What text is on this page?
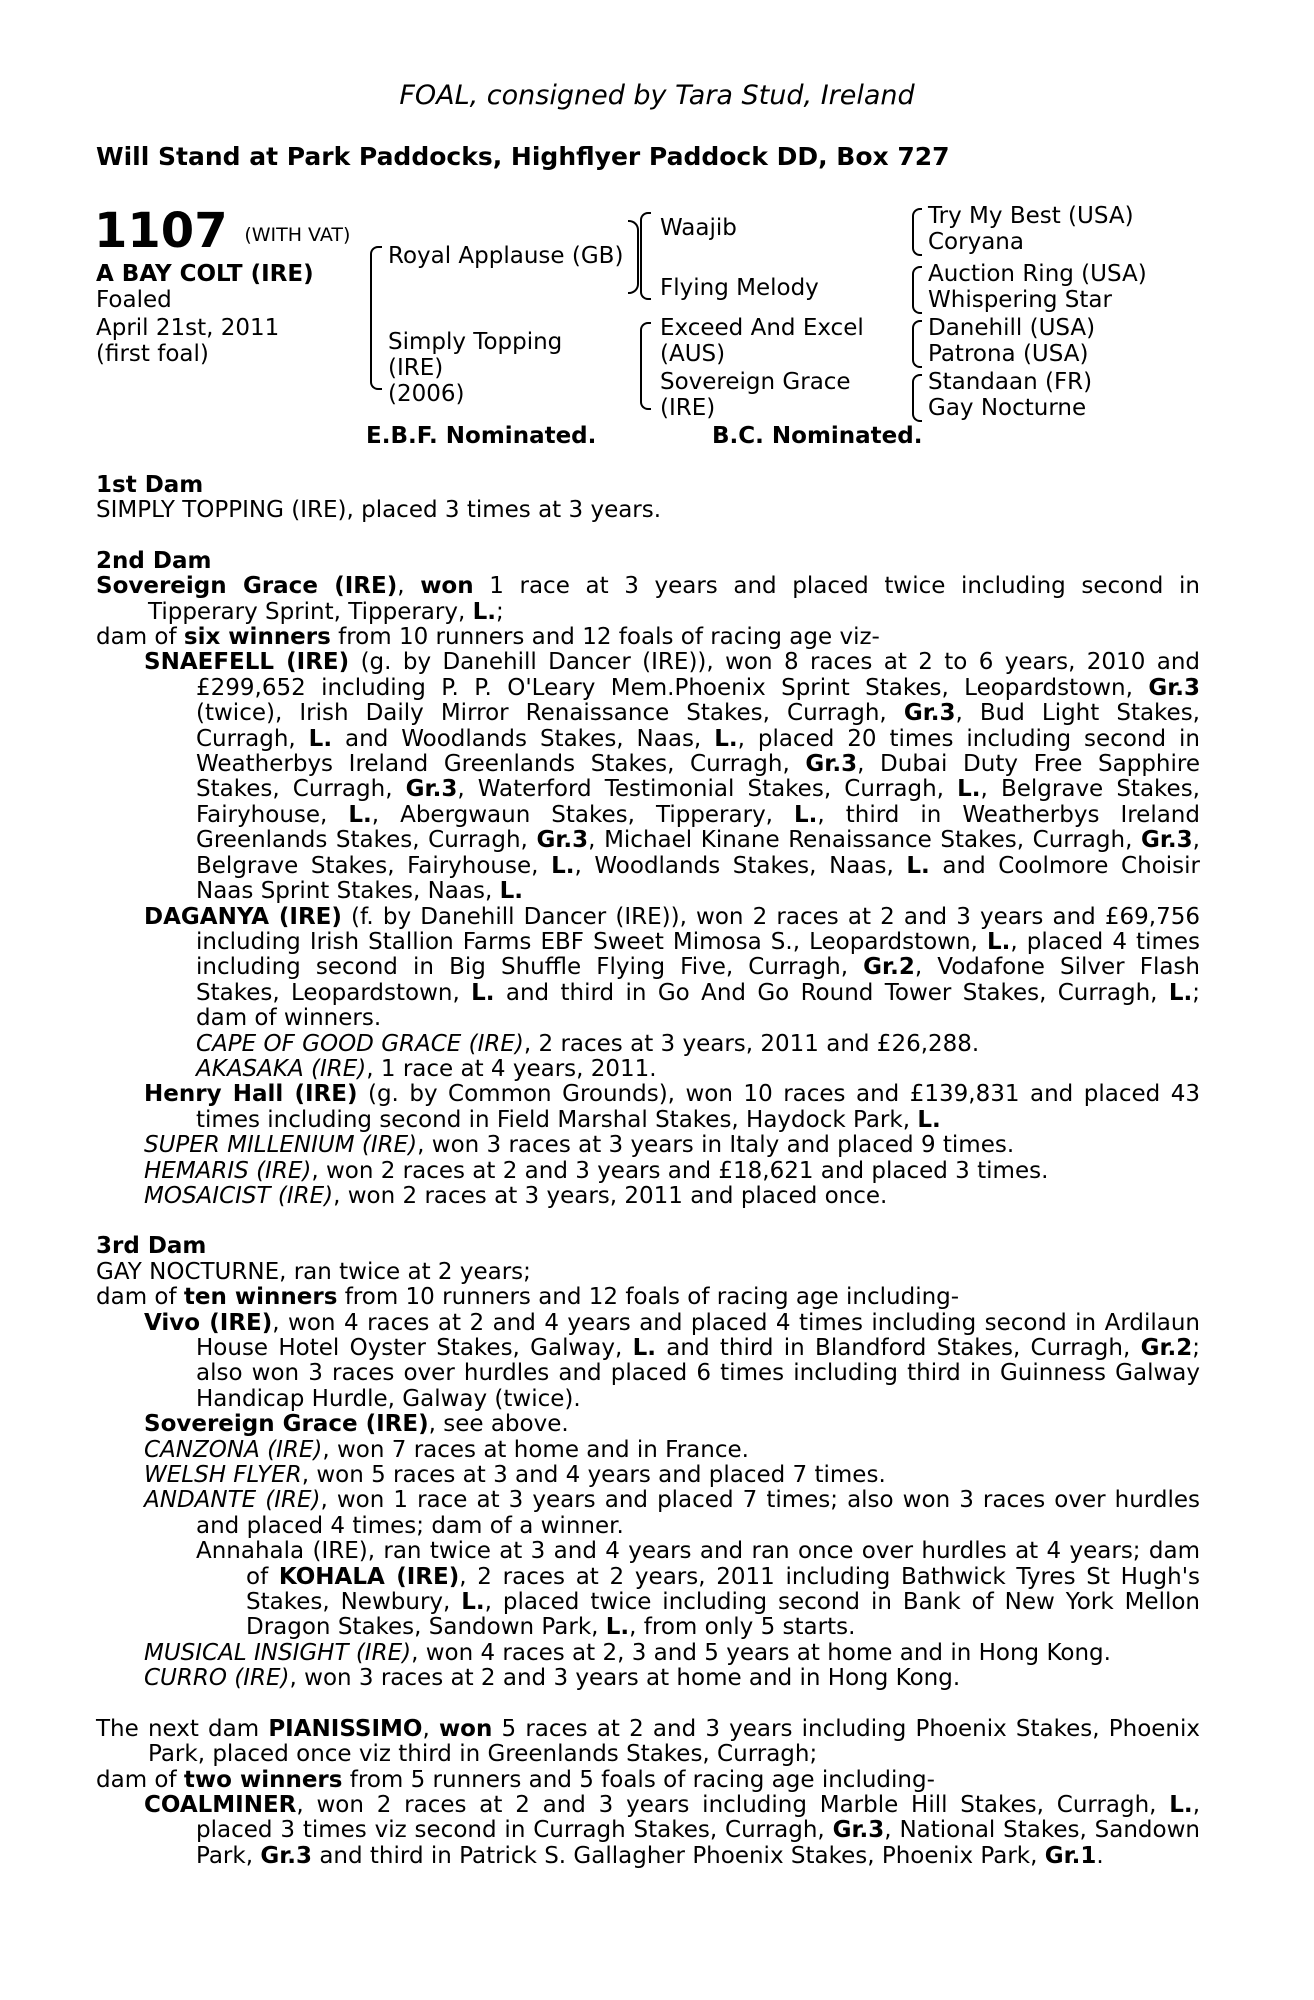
FOAL, consigned by Tara Stud, Ireland
Will Stand at Park Paddocks, Highflyer Paddock DD, Box 727
1107 (WITH VAT)
A BAY COLT (IRE)
Foaled
April 21st, 2011
(first foal)
Royal Applause (GB)
Simply Topping
(IRE)
(2006)
Waajib
Flying Melody
Exceed And Excel
(AUS)
Sovereign Grace
(IRE)
Try My Best (USA)
Coryana
Auction Ring (USA)
Whispering Star
Danehill (USA)
Patrona (USA)
Standaan (FR)
Gay Nocturne
E.B.F. Nominated.	B.C. Nominated.

1st Dam

SIMPLY TOPPING (IRE), placed 3 times at 3 years.

2nd Dam

Sovereign Grace (IRE), won 1 race at 3 years and placed twice including second in Tipperary Sprint, Tipperary, L.;

dam of six winners from 10 runners and 12 foals of racing age viz-

SNAEFELL (IRE) (g. by Danehill Dancer (IRE)), won 8 races at 2 to 6 years, 2010 and £299,652 including P. P. O'Leary Mem.Phoenix Sprint Stakes, Leopardstown, Gr.3 (twice), Irish Daily Mirror Renaissance Stakes, Curragh, Gr.3, Bud Light Stakes, Curragh, L. and Woodlands Stakes, Naas, L., placed 20 times including second in Weatherbys Ireland Greenlands Stakes, Curragh, Gr.3, Dubai Duty Free Sapphire Stakes, Curragh, Gr.3, Waterford Testimonial Stakes, Curragh, L., Belgrave Stakes, Fairyhouse, L., Abergwaun Stakes, Tipperary, L., third in Weatherbys Ireland Greenlands Stakes, Curragh, Gr.3, Michael Kinane Renaissance Stakes, Curragh, Gr.3, Belgrave Stakes, Fairyhouse, L., Woodlands Stakes, Naas, L. and Coolmore Choisir Naas Sprint Stakes, Naas, L.

DAGANYA (IRE) (f. by Danehill Dancer (IRE)), won 2 races at 2 and 3 years and £69,756 including Irish Stallion Farms EBF Sweet Mimosa S., Leopardstown, L., placed 4 times including second in Big Shuffle Flying Five, Curragh, Gr.2, Vodafone Silver Flash Stakes, Leopardstown, L. and third in Go And Go Round Tower Stakes, Curragh, L.; dam of winners.

CAPE OF GOOD GRACE (IRE), 2 races at 3 years, 2011 and £26,288.

AKASAKA (IRE), 1 race at 4 years, 2011.

Henry Hall (IRE) (g. by Common Grounds), won 10 races and £139,831 and placed 43 times including second in Field Marshal Stakes, Haydock Park, L.

SUPER MILLENIUM (IRE), won 3 races at 3 years in Italy and placed 9 times.

HEMARIS (IRE), won 2 races at 2 and 3 years and £18,621 and placed 3 times.

MOSAICIST (IRE), won 2 races at 3 years, 2011 and placed once.

3rd Dam

GAY NOCTURNE, ran twice at 2 years;

dam of ten winners from 10 runners and 12 foals of racing age including-

Vivo (IRE), won 4 races at 2 and 4 years and placed 4 times including second in Ardilaun House Hotel Oyster Stakes, Galway, L. and third in Blandford Stakes, Curragh, Gr.2; also won 3 races over hurdles and placed 6 times including third in Guinness Galway Handicap Hurdle, Galway (twice).

Sovereign Grace (IRE), see above.

CANZONA (IRE), won 7 races at home and in France.

WELSH FLYER, won 5 races at 3 and 4 years and placed 7 times.

ANDANTE (IRE), won 1 race at 3 years and placed 7 times; also won 3 races over hurdles and placed 4 times; dam of a winner.

Annahala (IRE), ran twice at 3 and 4 years and ran once over hurdles at 4 years; dam of KOHALA (IRE), 2 races at 2 years, 2011 including Bathwick Tyres St Hugh's Stakes, Newbury, L., placed twice including second in Bank of New York Mellon Dragon Stakes, Sandown Park, L., from only 5 starts.

MUSICAL INSIGHT (IRE), won 4 races at 2, 3 and 5 years at home and in Hong Kong.

CURRO (IRE), won 3 races at 2 and 3 years at home and in Hong Kong.

The next dam PIANISSIMO, won 5 races at 2 and 3 years including Phoenix Stakes, Phoenix Park, placed once viz third in Greenlands Stakes, Curragh;

dam of two winners from 5 runners and 5 foals of racing age including-

COALMINER, won 2 races at 2 and 3 years including Marble Hill Stakes, Curragh, L., placed 3 times viz second in Curragh Stakes, Curragh, Gr.3, National Stakes, Sandown Park, Gr.3 and third in Patrick S. Gallagher Phoenix Stakes, Phoenix Park, Gr.1.
